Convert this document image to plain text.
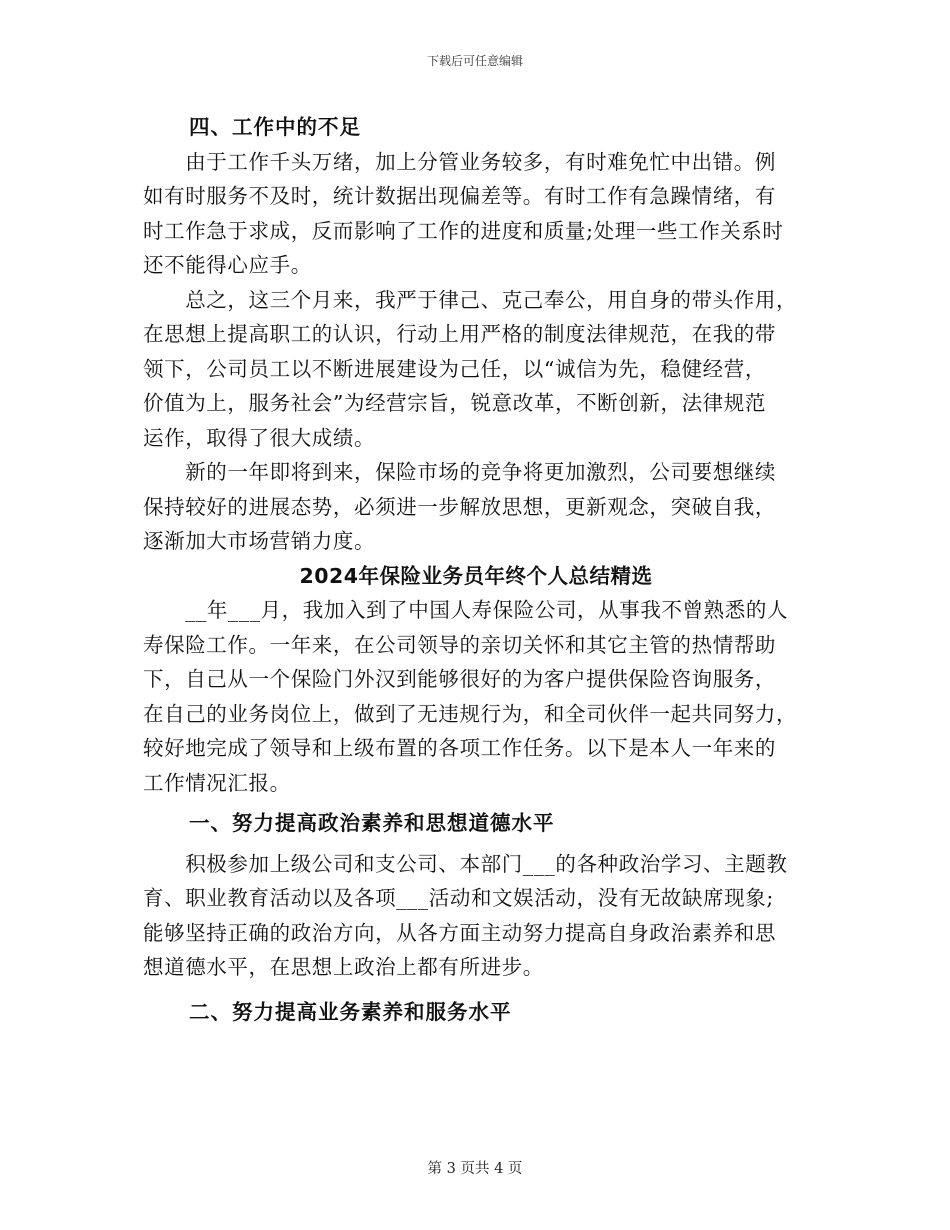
下载后可任意编辑
四、工作中的不足
　　由于工作千头万绪，加上分管业务较多，有时难免忙中出错。例
如有时服务不及时，统计数据出现偏差等。有时工作有急躁情绪，有
时工作急于求成，反而影响了工作的进度和质量;处理一些工作关系时
还不能得心应手。
　　总之，这三个月来，我严于律己、克己奉公，用自身的带头作用，
在思想上提高职工的认识，行动上用严格的制度法律规范，在我的带
领下，公司员工以不断进展建设为己任，以“诚信为先，稳健经营，
价值为上，服务社会”为经营宗旨，锐意改革，不断创新，法律规范
运作，取得了很大成绩。
　　新的一年即将到来，保险市场的竞争将更加激烈，公司要想继续
保持较好的进展态势，必须进一步解放思想，更新观念，突破自我，
逐渐加大市场营销力度。
2024年保险业务员年终个人总结精选
　　__年___月，我加入到了中国人寿保险公司，从事我不曾熟悉的人
寿保险工作。一年来，在公司领导的亲切关怀和其它主管的热情帮助
下，自己从一个保险门外汉到能够很好的为客户提供保险咨询服务，
在自己的业务岗位上，做到了无违规行为，和全司伙伴一起共同努力，
较好地完成了领导和上级布置的各项工作任务。以下是本人一年来的
工作情况汇报。
一、努力提高政治素养和思想道德水平
　　积极参加上级公司和支公司、本部门___的各种政治学习、主题教
育、职业教育活动以及各项___活动和文娱活动，没有无故缺席现象;
能够坚持正确的政治方向，从各方面主动努力提高自身政治素养和思
想道德水平，在思想上政治上都有所进步。
二、努力提高业务素养和服务水平
第 3 页共 4 页
